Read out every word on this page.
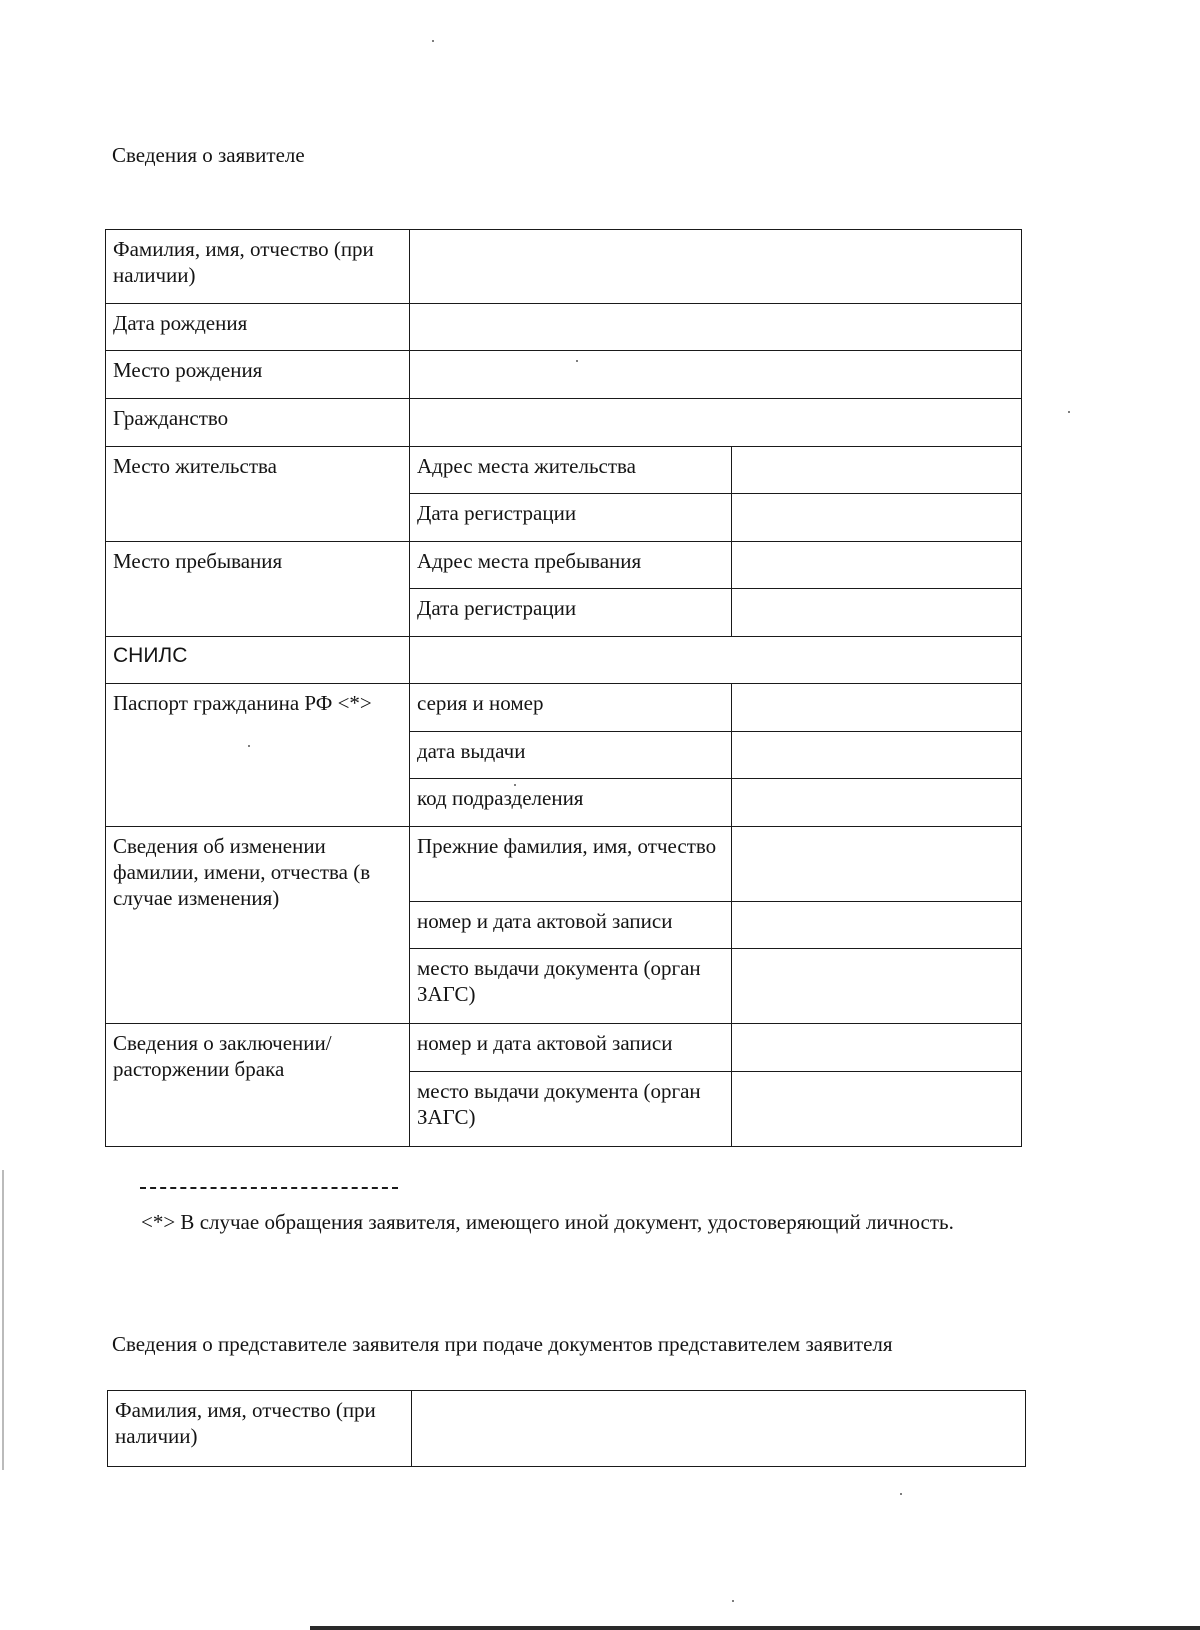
Сведения о заявителе
Фамилия, имя, отчество (при наличии)		
Дата рождения		
Место рождения		
Гражданство		
Место жительства	Адрес места жительства	
	Дата регистрации	
Место пребывания	Адрес места пребывания	
	Дата регистрации	
СНИЛС		
Паспорт гражданина РФ <*>	серия и номер	
	дата выдачи	
	код подразделения	
Сведения об изменении фамилии, имени, отчества (в случае изменения)	Прежние фамилия, имя, отчество	
	номер и дата актовой записи	
	место выдачи документа (орган ЗАГС)	
Сведения о заключении/расторжении брака	номер и дата актовой записи	
	место выдачи документа (орган ЗАГС)	

<*> В случае обращения заявителя, имеющего иной документ, удостоверяющий личность.

Сведения о представителе заявителя при подаче документов представителем заявителя

Фамилия, имя, отчество (при наличии)	
